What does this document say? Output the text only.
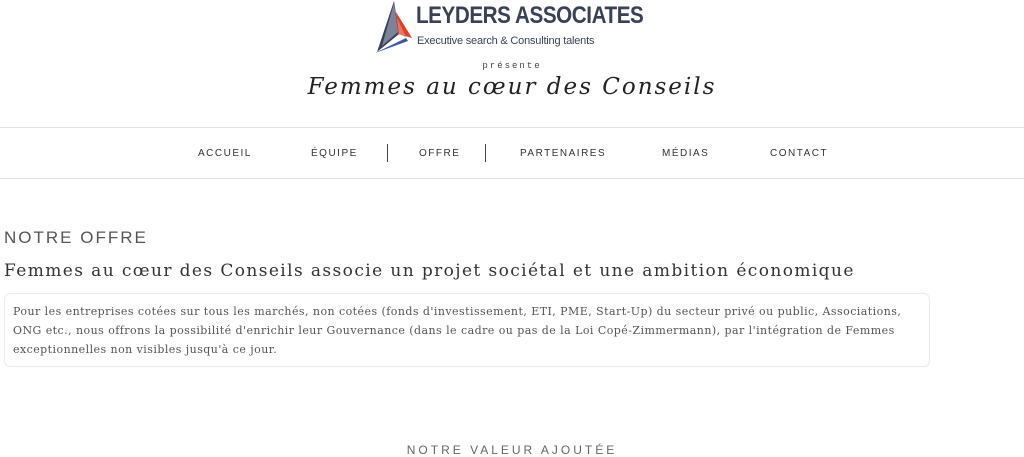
LEYDERS ASSOCIATES
Executive search & Consulting talents
présente
Femmes au cœur des Conseils
ACCUEIL	ÉQUIPE	OFFRE	PARTENAIRES	MÉDIAS	CONTACT
NOTRE OFFRE
Femmes au cœur des Conseils associe un projet sociétal et une ambition économique
Pour les entreprises cotées sur tous les marchés, non cotées (fonds d'investissement, ETI, PME, Start-Up) du secteur privé ou public, Associations,
ONG etc., nous offrons la possibilité d'enrichir leur Gouvernance (dans le cadre ou pas de la Loi Copé-Zimmermann), par l'intégration de Femmes
exceptionnelles non visibles jusqu'à ce jour.
NOTRE VALEUR AJOUTÉE
